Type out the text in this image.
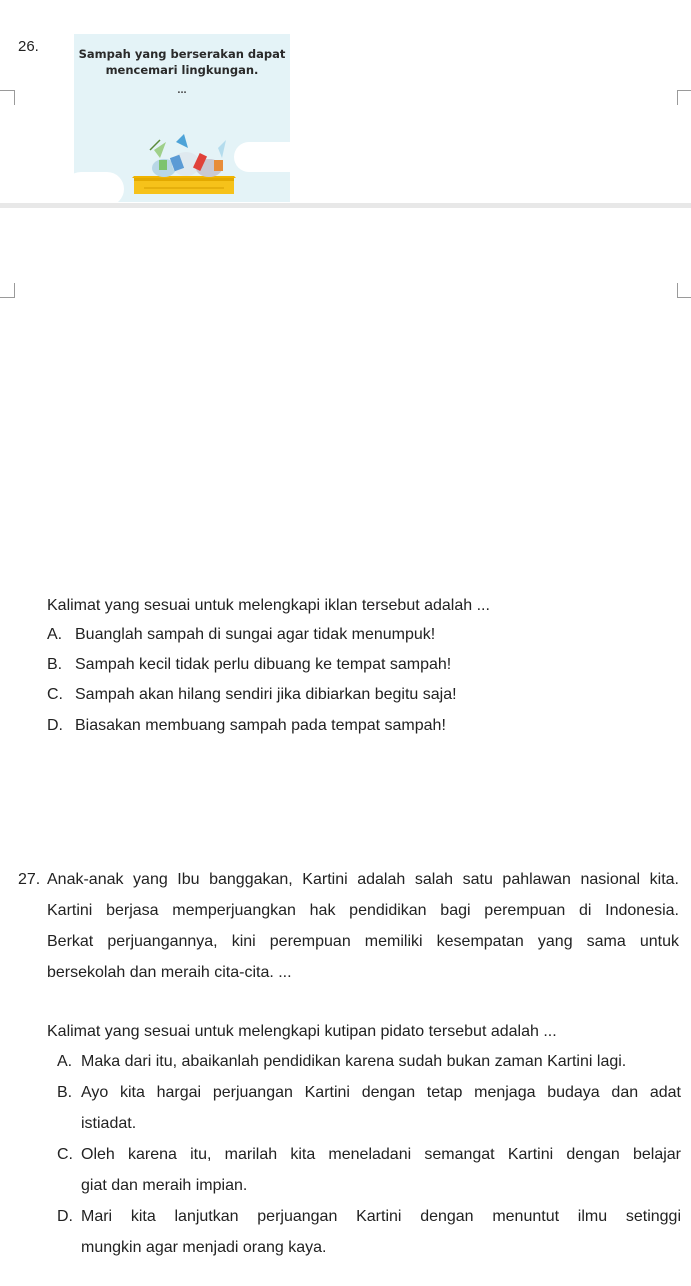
26.	Sampah yang berserakan dapat mencemari lingkungan.
...
Kalimat yang sesuai untuk melengkapi iklan tersebut adalah ...
A. Buanglah sampah di sungai agar tidak menumpuk!
B. Sampah kecil tidak perlu dibuang ke tempat sampah!
C. Sampah akan hilang sendiri jika dibiarkan begitu saja!
D. Biasakan membuang sampah pada tempat sampah!
27. Anak-anak yang Ibu banggakan, Kartini adalah salah satu pahlawan nasional kita.
Kartini berjasa memperjuangkan hak pendidikan bagi perempuan di Indonesia.
Berkat perjuangannya, kini perempuan memiliki kesempatan yang sama untuk
bersekolah dan meraih cita-cita. ...
Kalimat yang sesuai untuk melengkapi kutipan pidato tersebut adalah ...
A. Maka dari itu, abaikanlah pendidikan karena sudah bukan zaman Kartini lagi.
B. Ayo kita hargai perjuangan Kartini dengan tetap menjaga budaya dan adat
istiadat.
C. Oleh karena itu, marilah kita meneladani semangat Kartini dengan belajar
giat dan meraih impian.
D. Mari kita lanjutkan perjuangan Kartini dengan menuntut ilmu setinggi
mungkin agar menjadi orang kaya.
